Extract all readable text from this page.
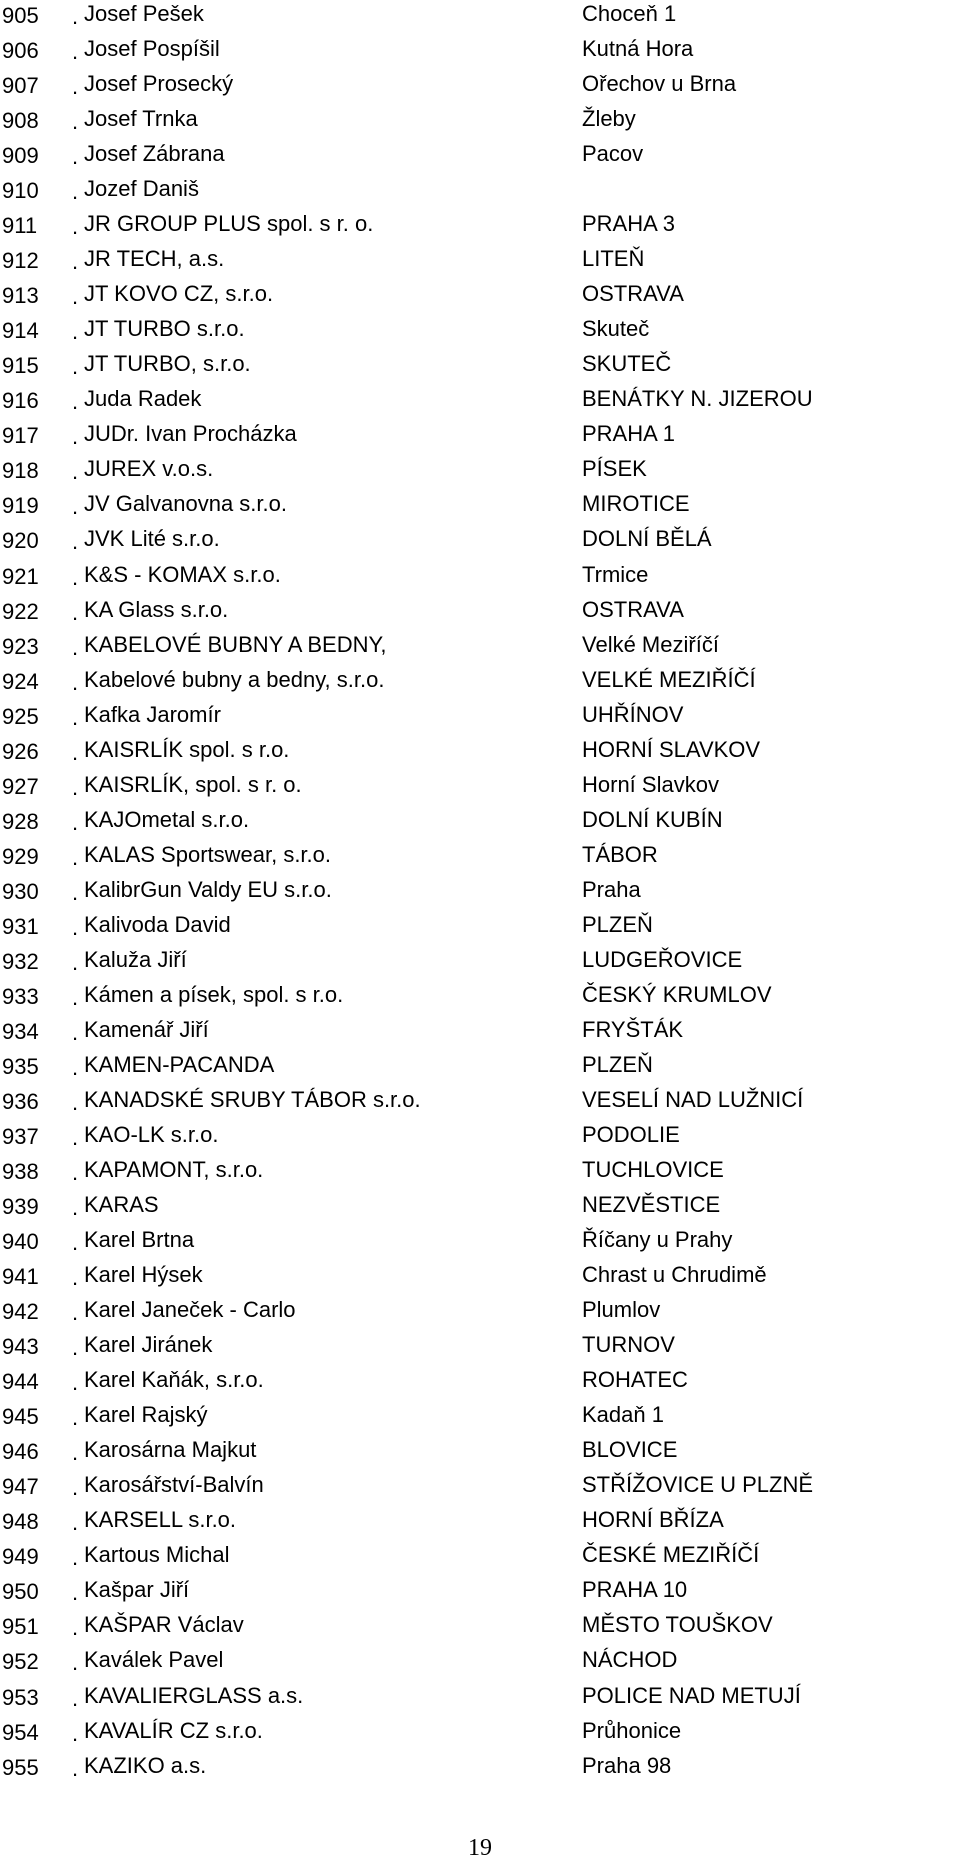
905	. Josef Pešek	Choceň 1
906	. Josef Pospíšil	Kutná Hora
907	. Josef Prosecký	Ořechov u Brna
908	. Josef Trnka	Žleby
909	. Josef Zábrana	Pacov
910	. Jozef Daniš
911	. JR GROUP PLUS spol. s r. o.	PRAHA 3
912	. JR TECH, a.s.	LITEŇ
913	. JT KOVO CZ, s.r.o.	OSTRAVA
914	. JT TURBO s.r.o.	Skuteč
915	. JT TURBO, s.r.o.	SKUTEČ
916	. Juda Radek	BENÁTKY N. JIZEROU
917	. JUDr. Ivan Procházka	PRAHA 1
918	. JUREX v.o.s.	PÍSEK
919	. JV Galvanovna s.r.o.	MIROTICE
920	. JVK Lité s.r.o.	DOLNÍ BĚLÁ
921	. K&S - KOMAX s.r.o.	Trmice
922	. KA Glass s.r.o.	OSTRAVA
923	. KABELOVÉ BUBNY A BEDNY,	Velké Meziříčí
924	. Kabelové bubny a bedny, s.r.o.	VELKÉ MEZIŘÍČÍ
925	. Kafka Jaromír	UHŘÍNOV
926	. KAISRLÍK spol. s r.o.	HORNÍ SLAVKOV
927	. KAISRLÍK, spol. s r. o.	Horní Slavkov
928	. KAJOmetal s.r.o.	DOLNÍ KUBÍN
929	. KALAS Sportswear, s.r.o.	TÁBOR
930	. KalibrGun Valdy EU s.r.o.	Praha
931	. Kalivoda David	PLZEŇ
932	. Kaluža Jiří	LUDGEŘOVICE
933	. Kámen a písek, spol. s r.o.	ČESKÝ KRUMLOV
934	. Kamenář Jiří	FRYŠTÁK
935	. KAMEN-PACANDA	PLZEŇ
936	. KANADSKÉ SRUBY TÁBOR s.r.o.	VESELÍ NAD LUŽNICÍ
937	. KAO-LK s.r.o.	PODOLIE
938	. KAPAMONT, s.r.o.	TUCHLOVICE
939	. KARAS	NEZVĚSTICE
940	. Karel Brtna	Říčany u Prahy
941	. Karel Hýsek	Chrast u Chrudimě
942	. Karel Janeček - Carlo	Plumlov
943	. Karel Jiránek	TURNOV
944	. Karel Kaňák, s.r.o.	ROHATEC
945	. Karel Rajský	Kadaň 1
946	. Karosárna Majkut	BLOVICE
947	. Karosářství-Balvín	STŘÍŽOVICE U PLZNĚ
948	. KARSELL s.r.o.	HORNÍ BŘÍZA
949	. Kartous Michal	ČESKÉ MEZIŘÍČÍ
950	. Kašpar Jiří	PRAHA 10
951	. KAŠPAR Václav	MĚSTO TOUŠKOV
952	. Kaválek Pavel	NÁCHOD
953	. KAVALIERGLASS a.s.	POLICE NAD METUJÍ
954	. KAVALÍR CZ s.r.o.	Průhonice
955	. KAZIKO a.s.	Praha 98
19
